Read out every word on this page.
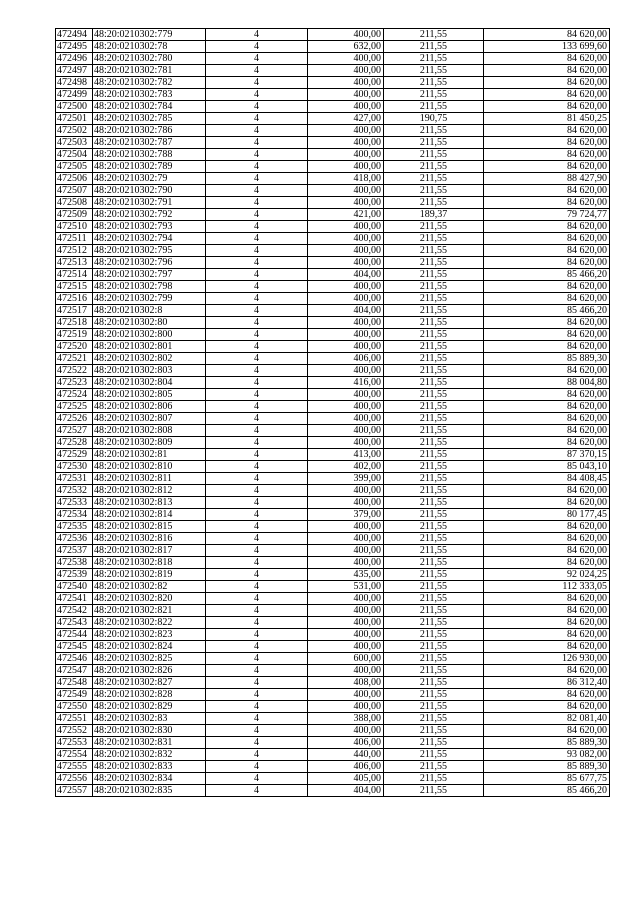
472494	48:20:0210302:779	4	400,00	211,55	84 620,00
472495	48:20:0210302:78	4	632,00	211,55	133 699,60
472496	48:20:0210302:780	4	400,00	211,55	84 620,00
472497	48:20:0210302:781	4	400,00	211,55	84 620,00
472498	48:20:0210302:782	4	400,00	211,55	84 620,00
472499	48:20:0210302:783	4	400,00	211,55	84 620,00
472500	48:20:0210302:784	4	400,00	211,55	84 620,00
472501	48:20:0210302:785	4	427,00	190,75	81 450,25
472502	48:20:0210302:786	4	400,00	211,55	84 620,00
472503	48:20:0210302:787	4	400,00	211,55	84 620,00
472504	48:20:0210302:788	4	400,00	211,55	84 620,00
472505	48:20:0210302:789	4	400,00	211,55	84 620,00
472506	48:20:0210302:79	4	418,00	211,55	88 427,90
472507	48:20:0210302:790	4	400,00	211,55	84 620,00
472508	48:20:0210302:791	4	400,00	211,55	84 620,00
472509	48:20:0210302:792	4	421,00	189,37	79 724,77
472510	48:20:0210302:793	4	400,00	211,55	84 620,00
472511	48:20:0210302:794	4	400,00	211,55	84 620,00
472512	48:20:0210302:795	4	400,00	211,55	84 620,00
472513	48:20:0210302:796	4	400,00	211,55	84 620,00
472514	48:20:0210302:797	4	404,00	211,55	85 466,20
472515	48:20:0210302:798	4	400,00	211,55	84 620,00
472516	48:20:0210302:799	4	400,00	211,55	84 620,00
472517	48:20:0210302:8	4	404,00	211,55	85 466,20
472518	48:20:0210302:80	4	400,00	211,55	84 620,00
472519	48:20:0210302:800	4	400,00	211,55	84 620,00
472520	48:20:0210302:801	4	400,00	211,55	84 620,00
472521	48:20:0210302:802	4	406,00	211,55	85 889,30
472522	48:20:0210302:803	4	400,00	211,55	84 620,00
472523	48:20:0210302:804	4	416,00	211,55	88 004,80
472524	48:20:0210302:805	4	400,00	211,55	84 620,00
472525	48:20:0210302:806	4	400,00	211,55	84 620,00
472526	48:20:0210302:807	4	400,00	211,55	84 620,00
472527	48:20:0210302:808	4	400,00	211,55	84 620,00
472528	48:20:0210302:809	4	400,00	211,55	84 620,00
472529	48:20:0210302:81	4	413,00	211,55	87 370,15
472530	48:20:0210302:810	4	402,00	211,55	85 043,10
472531	48:20:0210302:811	4	399,00	211,55	84 408,45
472532	48:20:0210302:812	4	400,00	211,55	84 620,00
472533	48:20:0210302:813	4	400,00	211,55	84 620,00
472534	48:20:0210302:814	4	379,00	211,55	80 177,45
472535	48:20:0210302:815	4	400,00	211,55	84 620,00
472536	48:20:0210302:816	4	400,00	211,55	84 620,00
472537	48:20:0210302:817	4	400,00	211,55	84 620,00
472538	48:20:0210302:818	4	400,00	211,55	84 620,00
472539	48:20:0210302:819	4	435,00	211,55	92 024,25
472540	48:20:0210302:82	4	531,00	211,55	112 333,05
472541	48:20:0210302:820	4	400,00	211,55	84 620,00
472542	48:20:0210302:821	4	400,00	211,55	84 620,00
472543	48:20:0210302:822	4	400,00	211,55	84 620,00
472544	48:20:0210302:823	4	400,00	211,55	84 620,00
472545	48:20:0210302:824	4	400,00	211,55	84 620,00
472546	48:20:0210302:825	4	600,00	211,55	126 930,00
472547	48:20:0210302:826	4	400,00	211,55	84 620,00
472548	48:20:0210302:827	4	408,00	211,55	86 312,40
472549	48:20:0210302:828	4	400,00	211,55	84 620,00
472550	48:20:0210302:829	4	400,00	211,55	84 620,00
472551	48:20:0210302:83	4	388,00	211,55	82 081,40
472552	48:20:0210302:830	4	400,00	211,55	84 620,00
472553	48:20:0210302:831	4	406,00	211,55	85 889,30
472554	48:20:0210302:832	4	440,00	211,55	93 082,00
472555	48:20:0210302:833	4	406,00	211,55	85 889,30
472556	48:20:0210302:834	4	405,00	211,55	85 677,75
472557	48:20:0210302:835	4	404,00	211,55	85 466,20
